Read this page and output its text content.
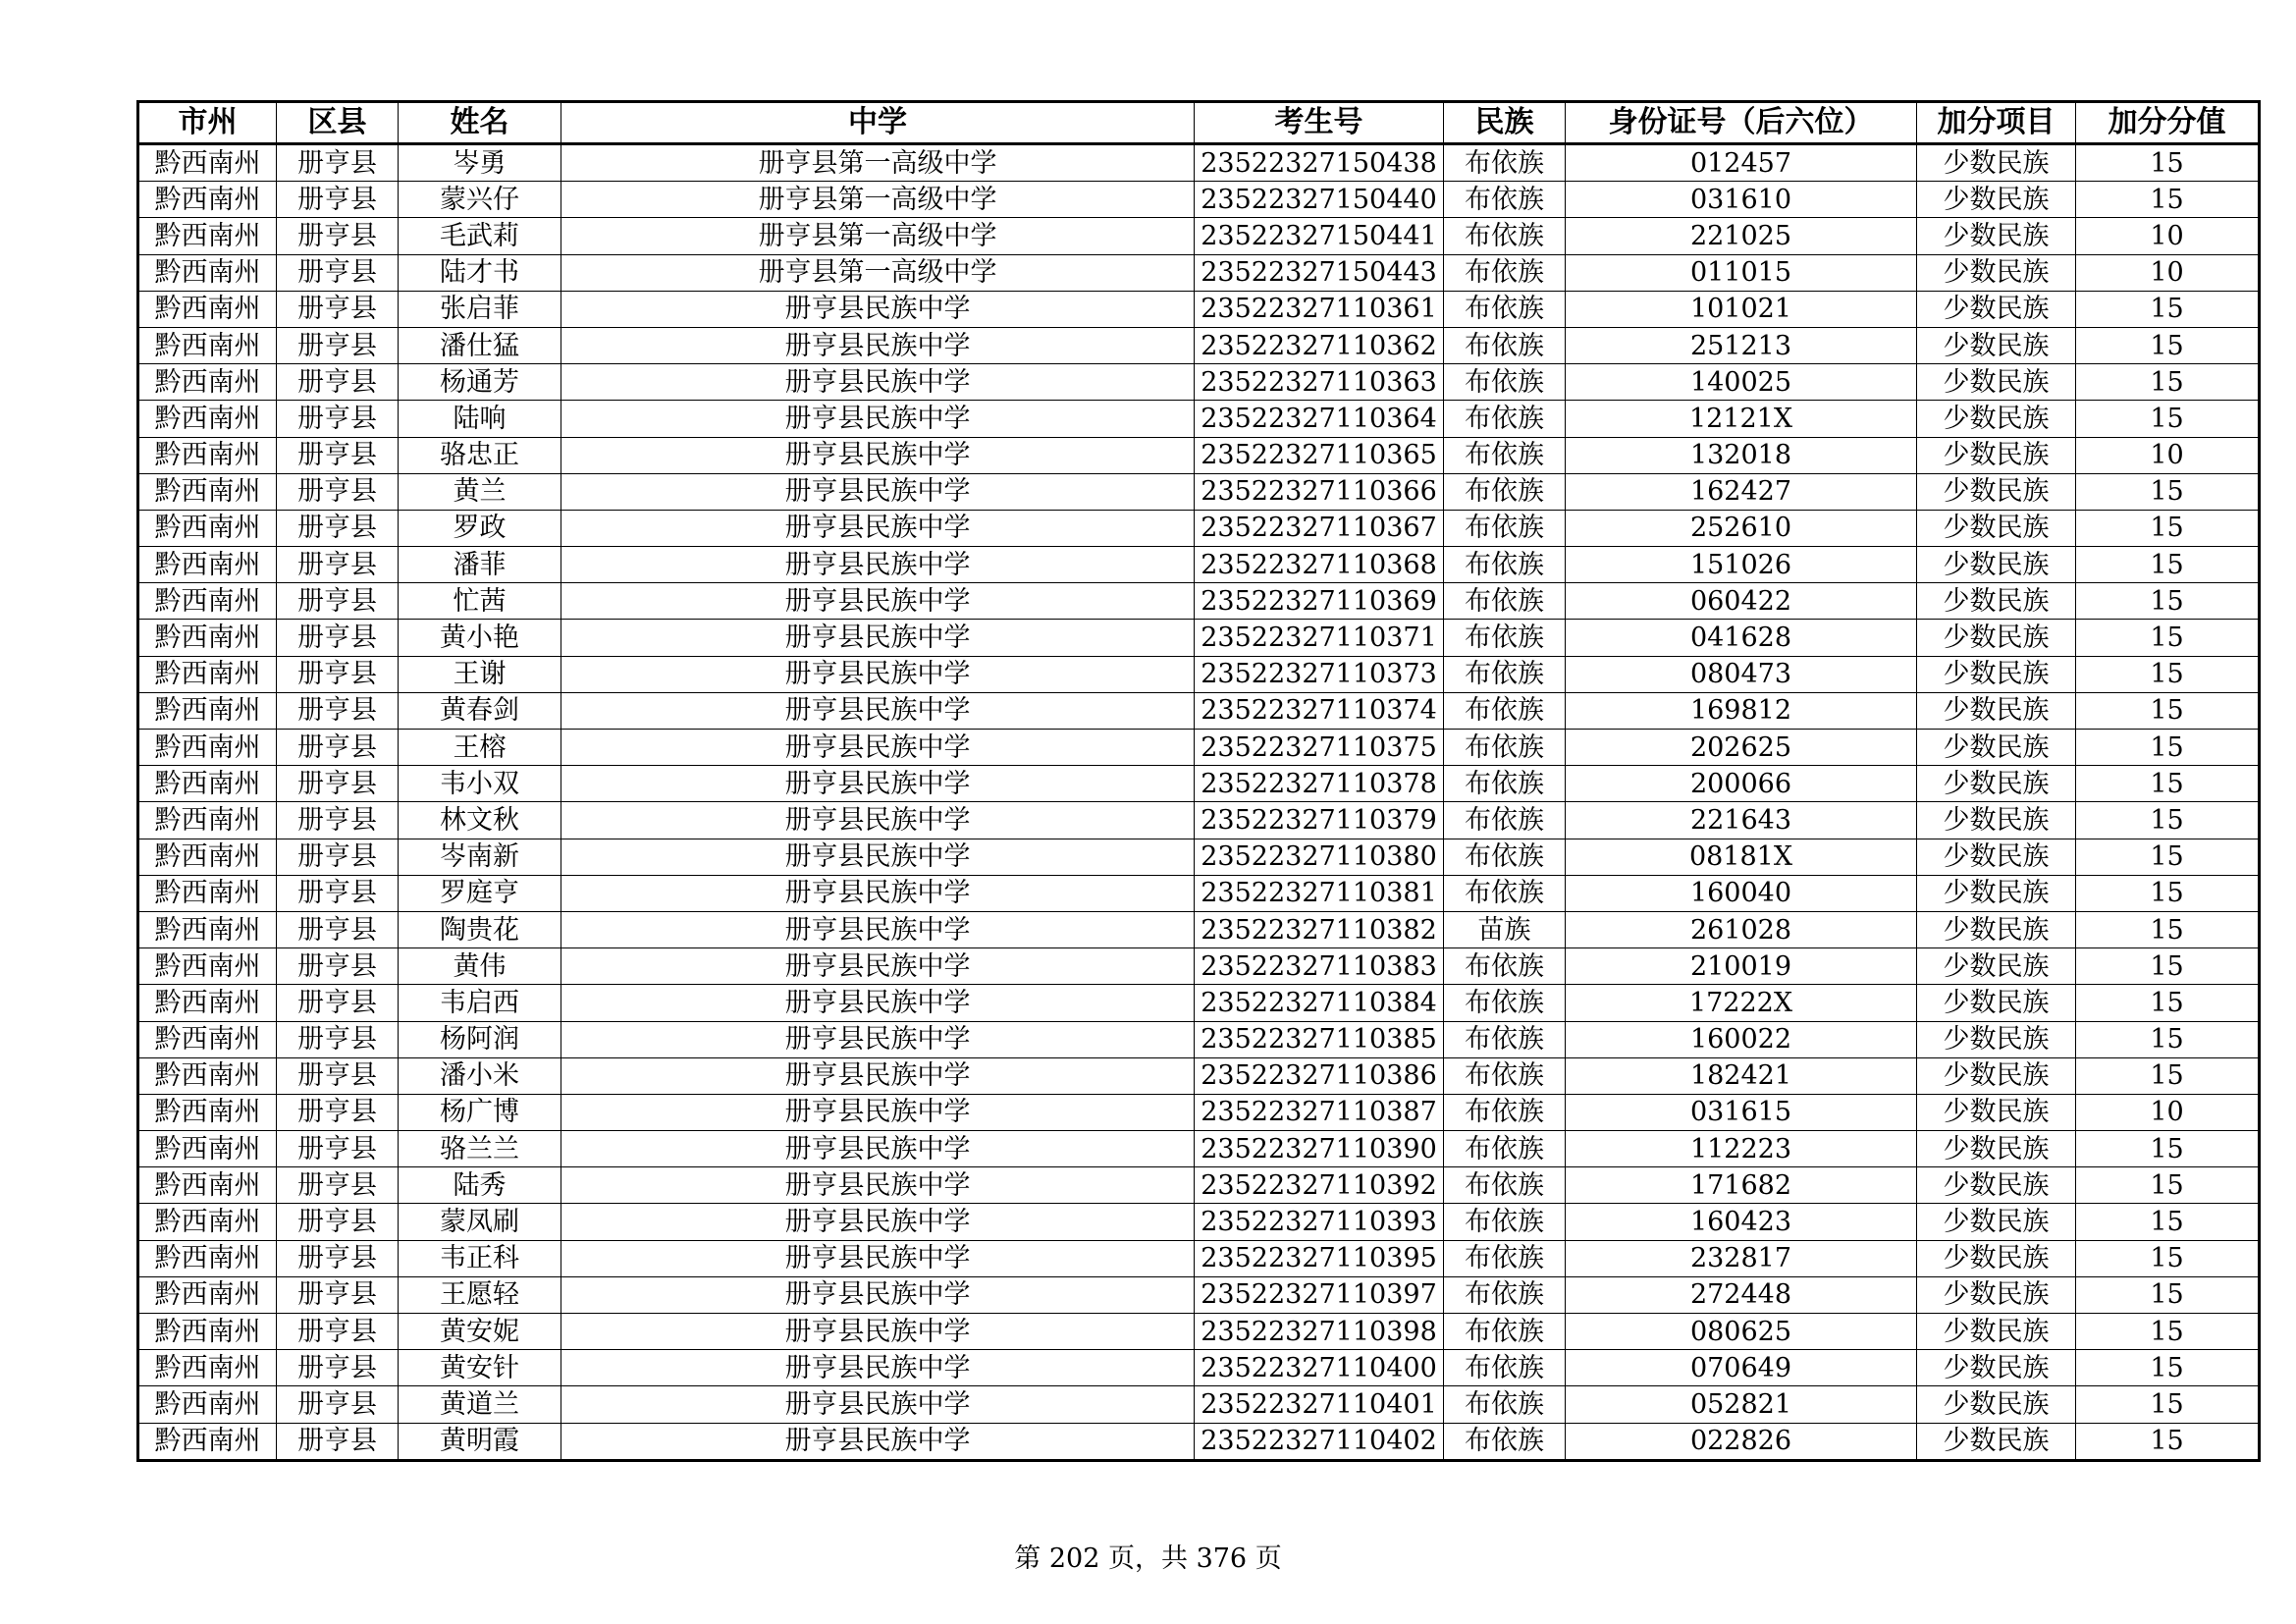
市州	区县	姓名	中学	考生号	民族	身份证号（后六位）	加分项目	加分分值
黔西南州	册亨县	岑勇	册亨县第一高级中学	23522327150438	布依族	012457	少数民族	15
黔西南州	册亨县	蒙兴仔	册亨县第一高级中学	23522327150440	布依族	031610	少数民族	15
黔西南州	册亨县	毛武莉	册亨县第一高级中学	23522327150441	布依族	221025	少数民族	10
黔西南州	册亨县	陆才书	册亨县第一高级中学	23522327150443	布依族	011015	少数民族	10
黔西南州	册亨县	张启菲	册亨县民族中学	23522327110361	布依族	101021	少数民族	15
黔西南州	册亨县	潘仕猛	册亨县民族中学	23522327110362	布依族	251213	少数民族	15
黔西南州	册亨县	杨通芳	册亨县民族中学	23522327110363	布依族	140025	少数民族	15
黔西南州	册亨县	陆响	册亨县民族中学	23522327110364	布依族	12121X	少数民族	15
黔西南州	册亨县	骆忠正	册亨县民族中学	23522327110365	布依族	132018	少数民族	10
黔西南州	册亨县	黄兰	册亨县民族中学	23522327110366	布依族	162427	少数民族	15
黔西南州	册亨县	罗政	册亨县民族中学	23522327110367	布依族	252610	少数民族	15
黔西南州	册亨县	潘菲	册亨县民族中学	23522327110368	布依族	151026	少数民族	15
黔西南州	册亨县	忙茜	册亨县民族中学	23522327110369	布依族	060422	少数民族	15
黔西南州	册亨县	黄小艳	册亨县民族中学	23522327110371	布依族	041628	少数民族	15
黔西南州	册亨县	王谢	册亨县民族中学	23522327110373	布依族	080473	少数民族	15
黔西南州	册亨县	黄春剑	册亨县民族中学	23522327110374	布依族	169812	少数民族	15
黔西南州	册亨县	王榕	册亨县民族中学	23522327110375	布依族	202625	少数民族	15
黔西南州	册亨县	韦小双	册亨县民族中学	23522327110378	布依族	200066	少数民族	15
黔西南州	册亨县	林文秋	册亨县民族中学	23522327110379	布依族	221643	少数民族	15
黔西南州	册亨县	岑南新	册亨县民族中学	23522327110380	布依族	08181X	少数民族	15
黔西南州	册亨县	罗庭亨	册亨县民族中学	23522327110381	布依族	160040	少数民族	15
黔西南州	册亨县	陶贵花	册亨县民族中学	23522327110382	苗族	261028	少数民族	15
黔西南州	册亨县	黄伟	册亨县民族中学	23522327110383	布依族	210019	少数民族	15
黔西南州	册亨县	韦启西	册亨县民族中学	23522327110384	布依族	17222X	少数民族	15
黔西南州	册亨县	杨阿润	册亨县民族中学	23522327110385	布依族	160022	少数民族	15
黔西南州	册亨县	潘小米	册亨县民族中学	23522327110386	布依族	182421	少数民族	15
黔西南州	册亨县	杨广博	册亨县民族中学	23522327110387	布依族	031615	少数民族	10
黔西南州	册亨县	骆兰兰	册亨县民族中学	23522327110390	布依族	112223	少数民族	15
黔西南州	册亨县	陆秀	册亨县民族中学	23522327110392	布依族	171682	少数民族	15
黔西南州	册亨县	蒙凤刷	册亨县民族中学	23522327110393	布依族	160423	少数民族	15
黔西南州	册亨县	韦正科	册亨县民族中学	23522327110395	布依族	232817	少数民族	15
黔西南州	册亨县	王愿轻	册亨县民族中学	23522327110397	布依族	272448	少数民族	15
黔西南州	册亨县	黄安妮	册亨县民族中学	23522327110398	布依族	080625	少数民族	15
黔西南州	册亨县	黄安针	册亨县民族中学	23522327110400	布依族	070649	少数民族	15
黔西南州	册亨县	黄道兰	册亨县民族中学	23522327110401	布依族	052821	少数民族	15
黔西南州	册亨县	黄明霞	册亨县民族中学	23522327110402	布依族	022826	少数民族	15
第 202 页，共 376 页
